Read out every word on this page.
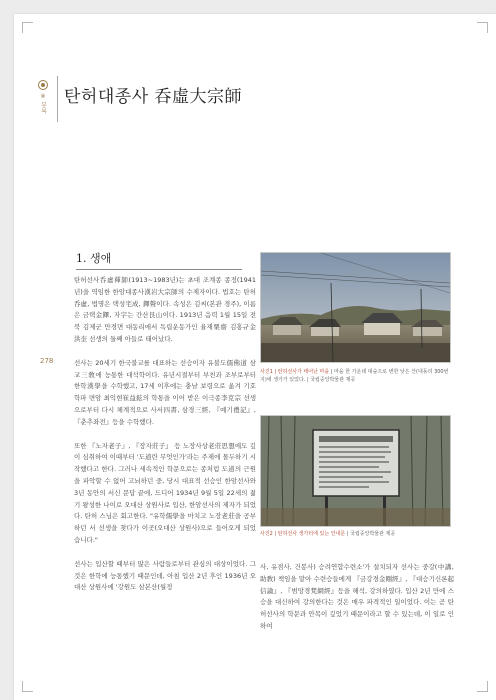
※ 부록 탄허대종사 呑虛大宗師
1. 생애
278

탄허선사呑虛禪師(1913~1983년)는 초대 조계종 종정(1941년)을 역임한 한암대종사漢岩大宗師의 수제자이다. 법호는 탄허呑虛, 법명은 택성宅成, 鐸聲이다. 속성은 김씨(본관 경주), 이름은 금택金鐸, 자字는 간산艮山이다. 1913년 음력 1월 15일 전북 김제군 만경면 대동리에서 독립운동가인 율재栗齋 김홍규金洪奎 선생의 둘째 아들로 태어났다.

선사는 20세기 한국불교를 대표하는 선승이자 유불도儒佛道 삼교三敎에 능통한 대석학이다. 유년시절부터 부친과 조부로부터 한학漢學을 수학했고, 17세 이후에는 충남 보령으로 옮겨 기호학파 면암 최익현崔益鉉의 학통을 이어 받은 이극종李克宗 선생으로부터 다시 체계적으로 사서四書, 삼경三經, 『예기禮記』, 『춘추좌전』등을 수학했다.

또한 『노자老子』, 『장자莊子』 등 노장사상老莊思想에도 깊이 심취하여 이때부터 '도道란 무엇인가'라는 주제에 몰두하기 시작했다고 한다. 그러나 세속적인 학문으로는 종처럼 도道의 근원을 파악할 수 없어 고뇌하던 중, 당시 대표적 선승인 한암선사와 3년 동안의 서신 문답 끝에, 드디어 1934년 9월 5일 22세의 젊기 왕성한 나이로 오대산 상원사로 입산, 한암선사의 제자가 되었다. 탄허 스님은 회고한다. "유학儒學을 마치고 노장老莊을 공부하던 서 선생을 찾다가 이곳(오대산 상원사)으로 들어오게 되었습니다."

선사는 입산할 때부터 많은 사람들로부터 관심의 대상이었다. 그것은 한학에 능통했기 때문인데, 아침 입산 2년 후인 1936년 오대산 상원사에 '강원도 삼본산(월정

사진1 | 탄허선사가 태어난 마을 | 마을 한 가운데 대숲으로 변한 낮은 산(대동리 300번지)에 생가가 있었다. | 국립중앙박물관 제공
사진2 | 탄허선사 생가터에 있는 안내문 | 국립중앙박물관 제공

사, 유점사, 건봉사) 승려연합수련소'가 설치되자 선사는 중강(中講, 助敎) 책임을 맡아 수련승들에게 『금강경金剛經』, 『대승기신론起信論』, 『범망경梵網經』등을 해석, 강의하였다. 입산 2년 만에 스승을 대신하여 강의한다는 것은 매우 파격적인 일이었다. 이는 곧 탄허선사의 학문과 안목이 깊었기 때문이라고 할 수 있는데, 이 일로 인하여
